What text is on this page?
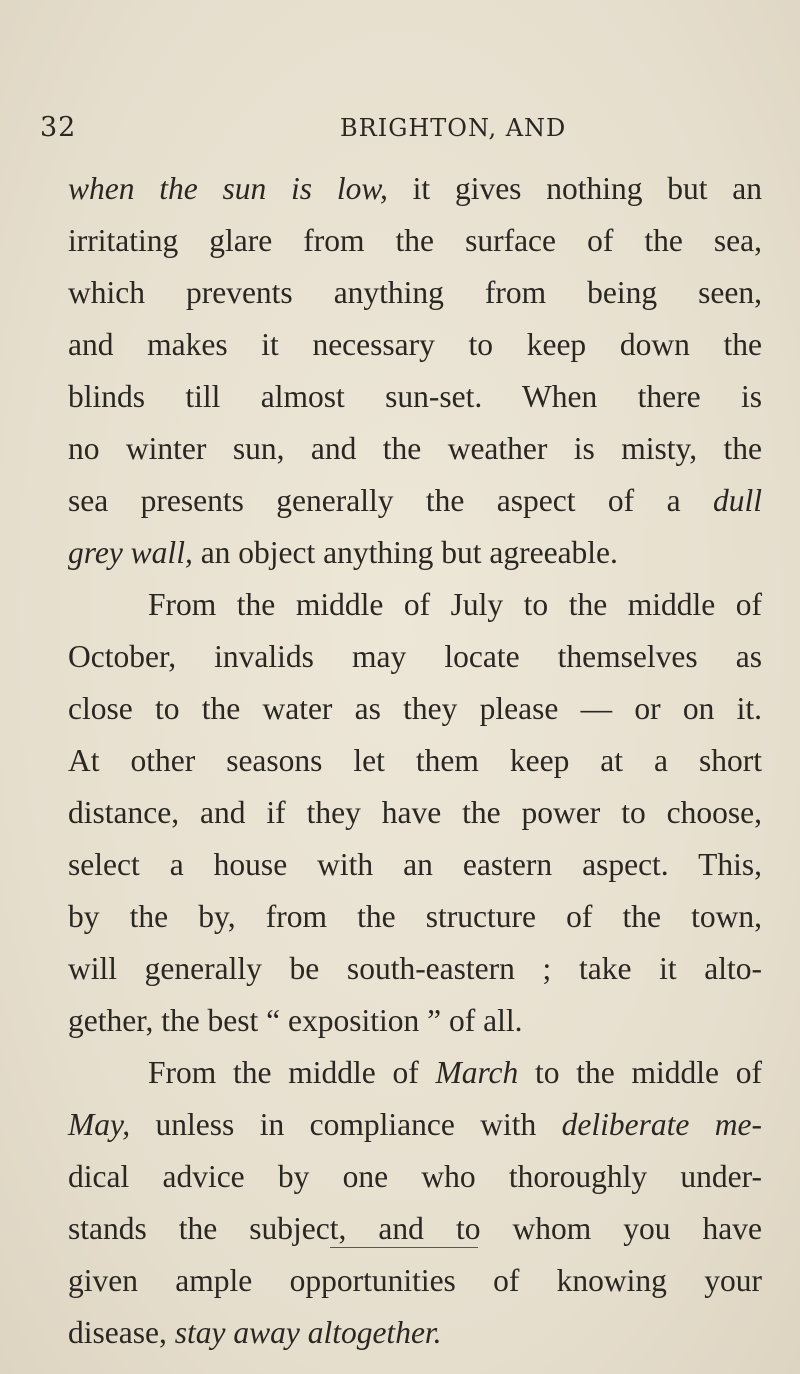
32	BRIGHTON, AND
when the sun is low, it gives nothing but an
irritating glare from the surface of the sea,
which prevents anything from being seen,
and makes it necessary to keep down the
blinds till almost sun-set. When there is
no winter sun, and the weather is misty, the
sea presents generally the aspect of a dull
grey wall, an object anything but agreeable.
From the middle of July to the middle of
October, invalids may locate themselves as
close to the water as they please — or on it.
At other seasons let them keep at a short
distance, and if they have the power to choose,
select a house with an eastern aspect. This,
by the by, from the structure of the town,
will generally be south-eastern ; take it alto-
gether, the best “ exposition ” of all.
From the middle of March to the middle of
May, unless in compliance with deliberate me-
dical advice by one who thoroughly under-
stands the subject, and to whom you have
given ample opportunities of knowing your
disease, stay away altogether.
